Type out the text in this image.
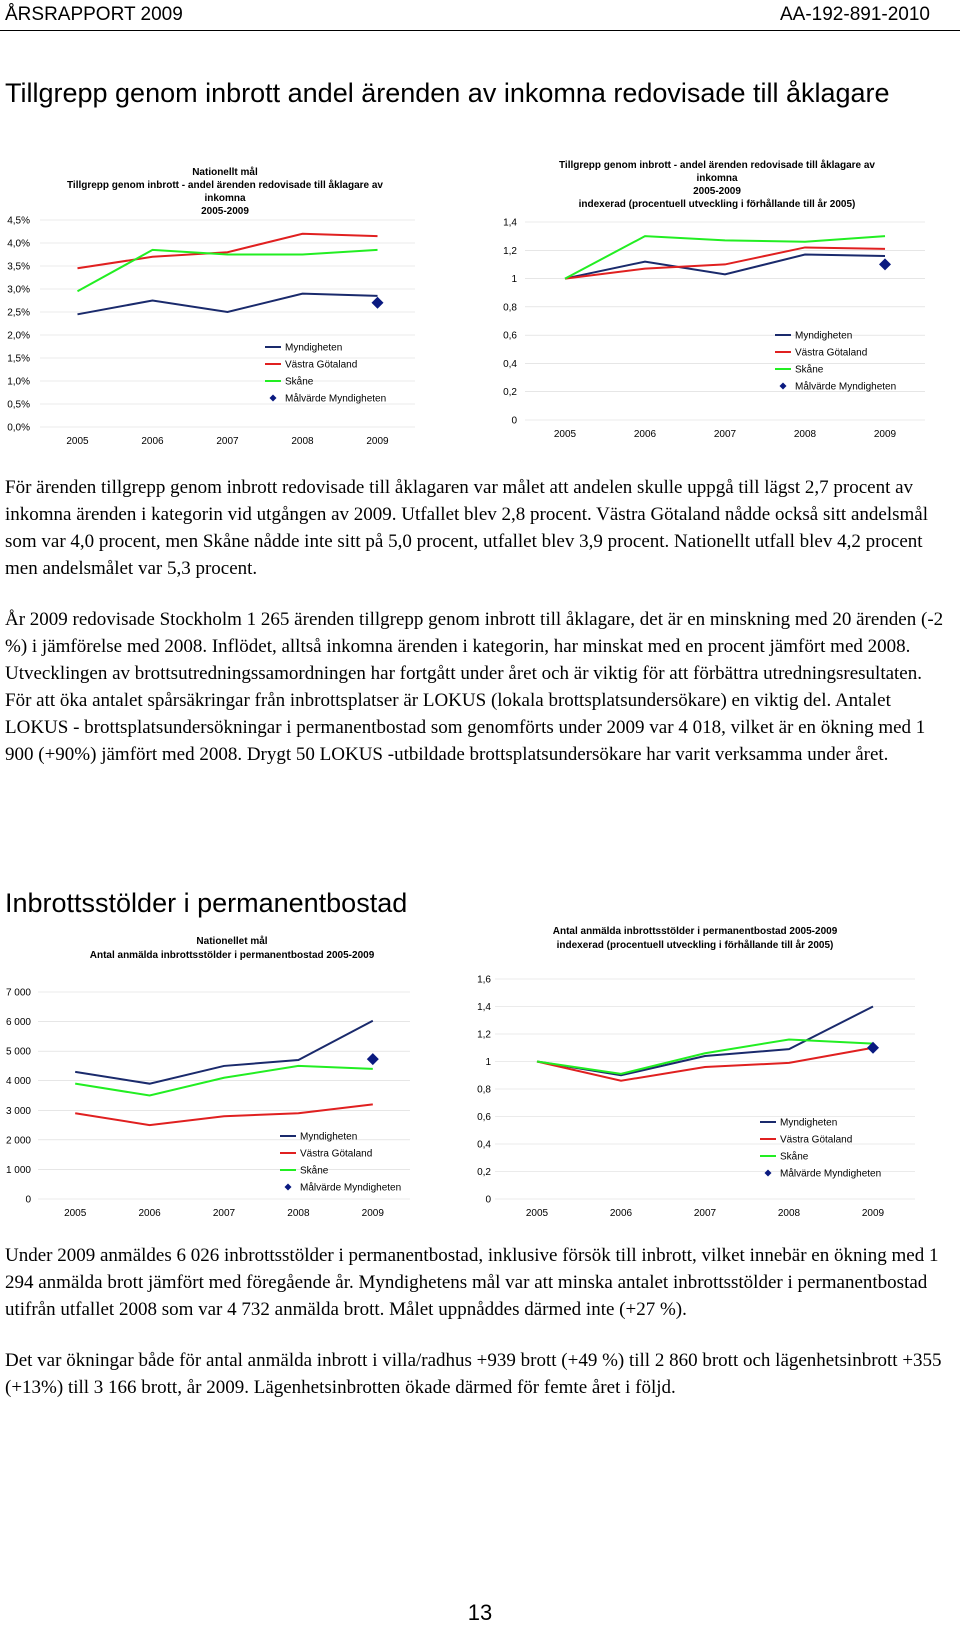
ÅRSRAPPORT 2009	AA-192-891-2010
Tillgrepp genom inbrott andel ärenden av inkomna redovisade till åklagare
Nationellt mål
Tillgrepp genom inbrott - andel ärenden redovisade till åklagare av
inkomna
2005-2009
0,0%
0,5%
1,0%
1,5%
2,0%
2,5%
3,0%
3,5%
4,0%
4,5%
2005	2006	2007	2008	2009
Myndigheten
Västra Götaland
Skåne
Målvärde Myndigheten
Tillgrepp genom inbrott - andel ärenden redovisade till åklagare av
inkomna
2005-2009
indexerad (procentuell utveckling i förhållande till år 2005)
0
0,2
0,4
0,6
0,8
1
1,2
1,4
2005	2006	2007	2008	2009
Myndigheten
Västra Götaland
Skåne
Målvärde Myndigheten

För ärenden tillgrepp genom inbrott redovisade till åklagaren var målet att andelen skulle uppgå till lägst 2,7 procent av inkomna ärenden i kategorin vid utgången av 2009. Utfallet blev 2,8 procent. Västra Götaland nådde också sitt andelsmål som var 4,0 procent, men Skåne nådde inte sitt på 5,0 procent, utfallet blev 3,9 procent. Nationellt utfall blev 4,2 procent men andelsmålet var 5,3 procent.

År 2009 redovisade Stockholm 1 265 ärenden tillgrepp genom inbrott till åklagare, det är en minskning med 20 ärenden (-2 %) i jämförelse med 2008. Inflödet, alltså inkomna ärenden i kategorin, har minskat med en procent jämfört med 2008. Utvecklingen av brottsutredningssamordningen har fortgått under året och är viktig för att förbättra utredningsresultaten. För att öka antalet spårsäkringar från inbrottsplatser är LOKUS (lokala brottsplatsundersökare) en viktig del. Antalet LOKUS - brottsplatsundersökningar i permanentbostad som genomförts under 2009 var 4 018, vilket är en ökning med 1 900 (+90%) jämfört med 2008. Drygt 50 LOKUS -utbildade brottsplatsundersökare har varit verksamma under året.

Inbrottsstölder i permanentbostad
Nationellet mål
Antal anmälda inbrottsstölder i permanentbostad 2005-2009
0
1 000
2 000
3 000
4 000
5 000
6 000
7 000
2005	2006	2007	2008	2009
Myndigheten
Västra Götaland
Skåne
Målvärde Myndigheten
Antal anmälda inbrottsstölder i permanentbostad 2005-2009
indexerad (procentuell utveckling i förhållande till år 2005)
0
0,2
0,4
0,6
0,8
1
1,2
1,4
1,6
2005	2006	2007	2008	2009
Myndigheten
Västra Götaland
Skåne
Målvärde Myndigheten

Under 2009 anmäldes 6 026 inbrottsstölder i permanentbostad, inklusive försök till inbrott, vilket innebär en ökning med 1 294 anmälda brott jämfört med föregående år. Myndighetens mål var att minska antalet inbrottsstölder i permanentbostad utifrån utfallet 2008 som var 4 732 anmälda brott. Målet uppnåddes därmed inte (+27 %).

Det var ökningar både för antal anmälda inbrott i villa/radhus +939 brott (+49 %) till 2 860 brott och lägenhetsinbrott +355 (+13%) till 3 166 brott, år 2009. Lägenhetsinbrotten ökade därmed för femte året i följd.

13
